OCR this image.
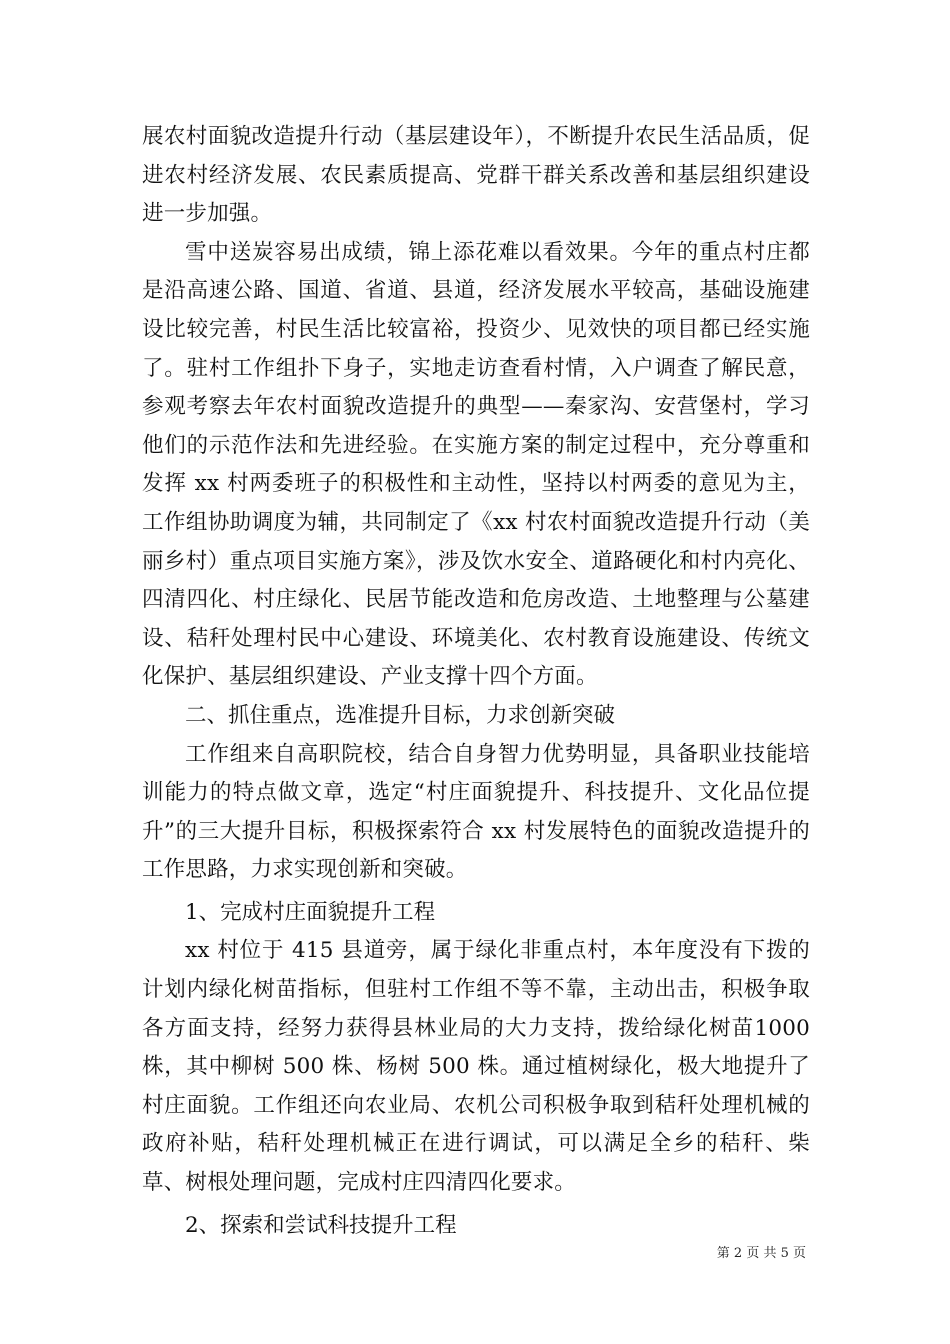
展农村面貌改造提升行动（基层建设年），不断提升农民生活品质，促进农村经济发展、农民素质提高、党群干群关系改善和基层组织建设进一步加强。

雪中送炭容易出成绩，锦上添花难以看效果。今年的重点村庄都是沿高速公路、国道、省道、县道，经济发展水平较高，基础设施建设比较完善，村民生活比较富裕，投资少、见效快的项目都已经实施了。驻村工作组扑下身子，实地走访查看村情，入户调查了解民意，参观考察去年农村面貌改造提升的典型——秦家沟、安营堡村，学习他们的示范作法和先进经验。在实施方案的制定过程中，充分尊重和发挥 xx 村两委班子的积极性和主动性，坚持以村两委的意见为主，工作组协助调度为辅，共同制定了《xx 村农村面貌改造提升行动（美丽乡村）重点项目实施方案》，涉及饮水安全、道路硬化和村内亮化、四清四化、村庄绿化、民居节能改造和危房改造、土地整理与公墓建设、秸秆处理村民中心建设、环境美化、农村教育设施建设、传统文化保护、基层组织建设、产业支撑十四个方面。

二、抓住重点，选准提升目标，力求创新突破

工作组来自高职院校，结合自身智力优势明显，具备职业技能培训能力的特点做文章，选定“村庄面貌提升、科技提升、文化品位提升”的三大提升目标，积极探索符合 xx 村发展特色的面貌改造提升的工作思路，力求实现创新和突破。

1、完成村庄面貌提升工程

xx 村位于 415 县道旁，属于绿化非重点村，本年度没有下拨的计划内绿化树苗指标，但驻村工作组不等不靠，主动出击，积极争取各方面支持，经努力获得县林业局的大力支持，拨给绿化树苗1000 株，其中柳树 500 株、杨树 500 株。通过植树绿化，极大地提升了村庄面貌。工作组还向农业局、农机公司积极争取到秸秆处理机械的政府补贴，秸秆处理机械正在进行调试，可以满足全乡的秸秆、柴草、树根处理问题，完成村庄四清四化要求。

2、探索和尝试科技提升工程

第 2 页 共 5 页
